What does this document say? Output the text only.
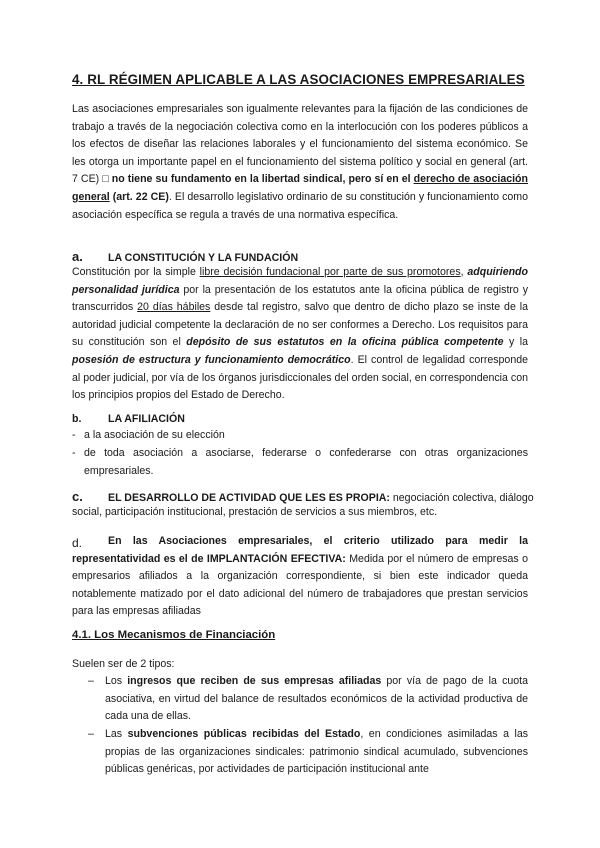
4. RL RÉGIMEN APLICABLE A LAS ASOCIACIONES EMPRESARIALES

Las asociaciones empresariales son igualmente relevantes para la fijación de las condiciones de trabajo a través de la negociación colectiva como en la interlocución con los poderes públicos a los efectos de diseñar las relaciones laborales y el funcionamiento del sistema económico. Se les otorga un importante papel en el funcionamiento del sistema político y social en general (art. 7 CE) □ no tiene su fundamento en la libertad sindical, pero sí en el derecho de asociación general (art. 22 CE). El desarrollo legislativo ordinario de su constitución y funcionamiento como asociación específica se regula a través de una normativa específica.

a. LA CONSTITUCIÓN Y LA FUNDACIÓN

Constitución por la simple libre decisión fundacional por parte de sus promotores, adquiriendo personalidad jurídica por la presentación de los estatutos ante la oficina pública de registro y transcurridos 20 días hábiles desde tal registro, salvo que dentro de dicho plazo se inste de la autoridad judicial competente la declaración de no ser conformes a Derecho. Los requisitos para su constitución son el depósito de sus estatutos en la oficina pública competente y la posesión de estructura y funcionamiento democrático. El control de legalidad corresponde al poder judicial, por vía de los órganos jurisdiccionales del orden social, en correspondencia con los principios propios del Estado de Derecho.

b.	LA AFILIACIÓN
- a la asociación de su elección

- de toda asociación a asociarse, federarse o confederarse con otras organizaciones empresariales.

c. EL DESARROLLO DE ACTIVIDAD QUE LES ES PROPIA: negociación colectiva, diálogo

social, participación institucional, prestación de servicios a sus miembros, etc.

d.	En las Asociaciones empresariales, el criterio utilizado para medir la representatividad es el de IMPLANTACIÓN EFECTIVA: Medida por el número de empresas o empresarios afiliados a la organización correspondiente, si bien este indicador queda notablemente matizado por el dato adicional del número de trabajadores que prestan servicios para las empresas afiliadas

4.1. Los Mecanismos de Financiación

Suelen ser de 2 tipos:

– Los ingresos que reciben de sus empresas afiliadas por vía de pago de la cuota asociativa, en virtud del balance de resultados económicos de la actividad productiva de cada una de ellas.

– Las subvenciones públicas recibidas del Estado, en condiciones asimiladas a las propias de las organizaciones sindicales: patrimonio sindical acumulado, subvenciones públicas genéricas, por actividades de participación institucional ante
